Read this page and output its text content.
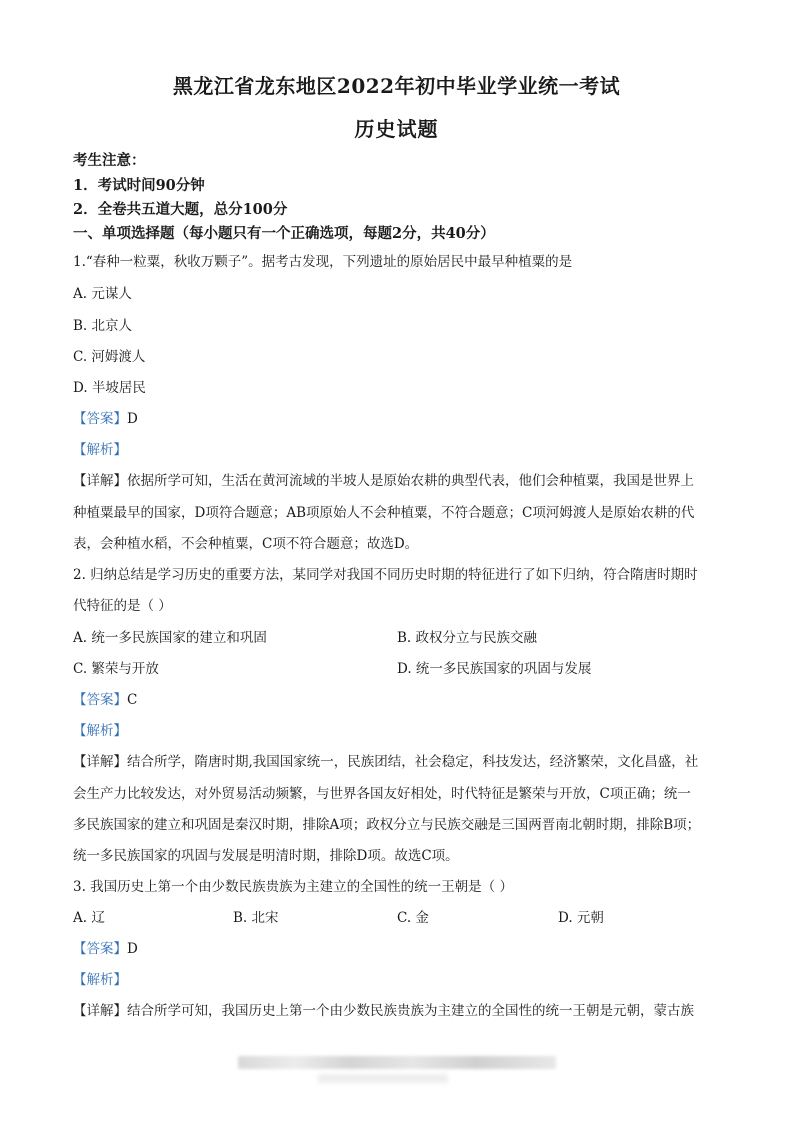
黑龙江省龙东地区2022年初中毕业学业统一考试
历史试题
考生注意：
1．考试时间90分钟
2．全卷共五道大题，总分100分
一、单项选择题（每小题只有一个正确选项，每题2分，共40分）
1.“春种一粒粟，秋收万颗子”。据考古发现，下列遗址的原始居民中最早种植粟的是
A. 元谋人
B. 北京人
C. 河姆渡人
D. 半坡居民
【答案】D
【解析】
【详解】依据所学可知，生活在黄河流域的半坡人是原始农耕的典型代表，他们会种植粟，我国是世界上
种植粟最早的国家，D项符合题意；AB项原始人不会种植粟，不符合题意；C项河姆渡人是原始农耕的代
表，会种植水稻，不会种植粟，C项不符合题意；故选D。
2. 归纳总结是学习历史的重要方法，某同学对我国不同历史时期的特征进行了如下归纳，符合隋唐时期时
代特征的是（ ）
A. 统一多民族国家的建立和巩固	B. 政权分立与民族交融
C. 繁荣与开放	D. 统一多民族国家的巩固与发展
【答案】C
【解析】
【详解】结合所学，隋唐时期,我国国家统一，民族团结，社会稳定，科技发达，经济繁荣，文化昌盛，社
会生产力比较发达，对外贸易活动频繁，与世界各国友好相处，时代特征是繁荣与开放，C项正确；统一
多民族国家的建立和巩固是秦汉时期，排除A项；政权分立与民族交融是三国两晋南北朝时期，排除B项；
统一多民族国家的巩固与发展是明清时期，排除D项。故选C项。
3. 我国历史上第一个由少数民族贵族为主建立的全国性的统一王朝是（ ）
A. 辽	B. 北宋	C. 金	D. 元朝
【答案】D
【解析】
【详解】结合所学可知，我国历史上第一个由少数民族贵族为主建立的全国性的统一王朝是元朝，蒙古族
